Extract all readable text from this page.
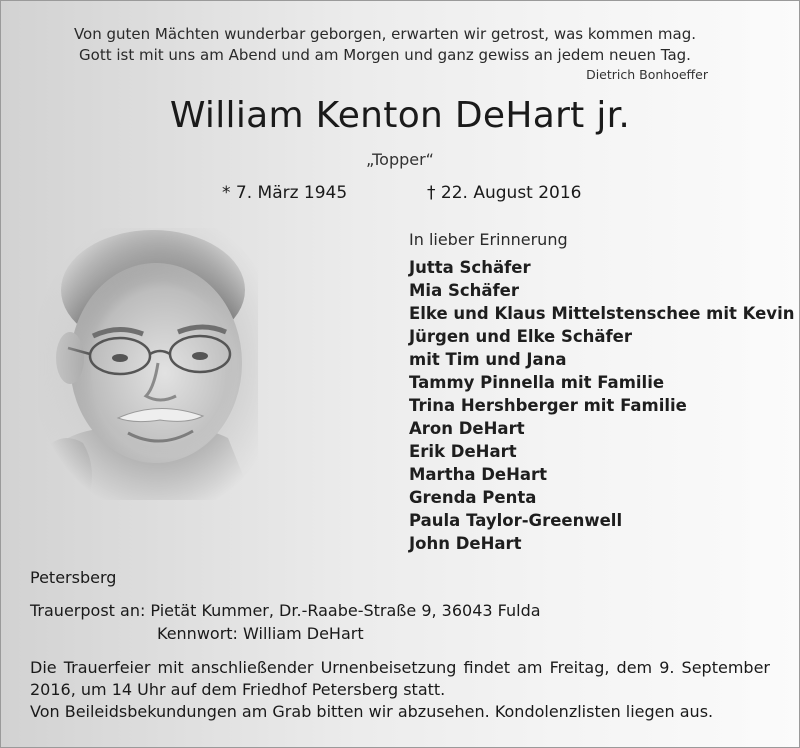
Von guten Mächten wunderbar geborgen, erwarten wir getrost, was kommen mag.
Gott ist mit uns am Abend und am Morgen und ganz gewiss an jedem neuen Tag.
Dietrich Bonhoeffer
William Kenton DeHart jr.
„Topper“
* 7. März 1945	† 22. August 2016
In lieber Erinnerung
Jutta Schäfer
Mia Schäfer
Elke und Klaus Mittelstenschee mit Kevin
Jürgen und Elke Schäfer
mit Tim und Jana
Tammy Pinnella mit Familie
Trina Hershberger mit Familie
Aron DeHart
Erik DeHart
Martha DeHart
Grenda Penta
Paula Taylor-Greenwell
John DeHart
Petersberg
Trauerpost an: Pietät Kummer, Dr.-Raabe-Straße 9, 36043 Fulda
Kennwort: William DeHart
Die Trauerfeier mit anschließender Urnenbeisetzung findet am Freitag, dem 9. September 2016, um 14 Uhr auf dem Friedhof Petersberg statt.
Von Beileidsbekundungen am Grab bitten wir abzusehen. Kondolenzlisten liegen aus.
